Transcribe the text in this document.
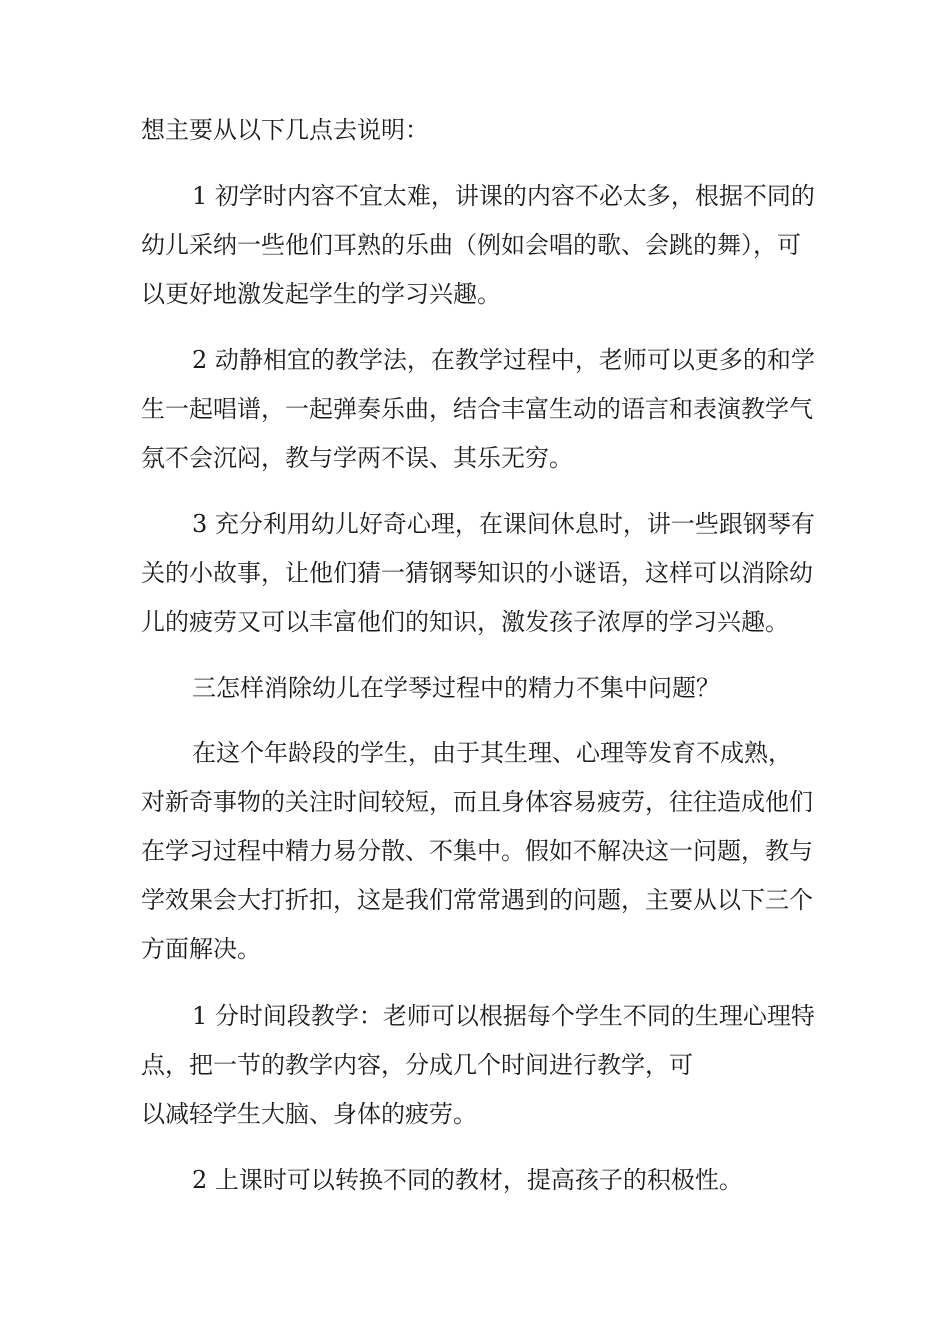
想主要从以下几点去说明：
1 初学时内容不宜太难，讲课的内容不必太多，根据不同的
幼儿采纳一些他们耳熟的乐曲（例如会唱的歌、会跳的舞），可
以更好地激发起学生的学习兴趣。
2 动静相宜的教学法，在教学过程中，老师可以更多的和学
生一起唱谱，一起弹奏乐曲，结合丰富生动的语言和表演教学气
氛不会沉闷，教与学两不误、其乐无穷。
3 充分利用幼儿好奇心理，在课间休息时，讲一些跟钢琴有
关的小故事，让他们猜一猜钢琴知识的小谜语，这样可以消除幼
儿的疲劳又可以丰富他们的知识，激发孩子浓厚的学习兴趣。
三怎样消除幼儿在学琴过程中的精力不集中问题？
在这个年龄段的学生，由于其生理、心理等发育不成熟，
对新奇事物的关注时间较短，而且身体容易疲劳，往往造成他们
在学习过程中精力易分散、不集中。假如不解决这一问题，教与
学效果会大打折扣，这是我们常常遇到的问题，主要从以下三个
方面解决。
1 分时间段教学：老师可以根据每个学生不同的生理心理特
点，把一节的教学内容，分成几个时间进行教学，可
以减轻学生大脑、身体的疲劳。
2 上课时可以转换不同的教材，提高孩子的积极性。
